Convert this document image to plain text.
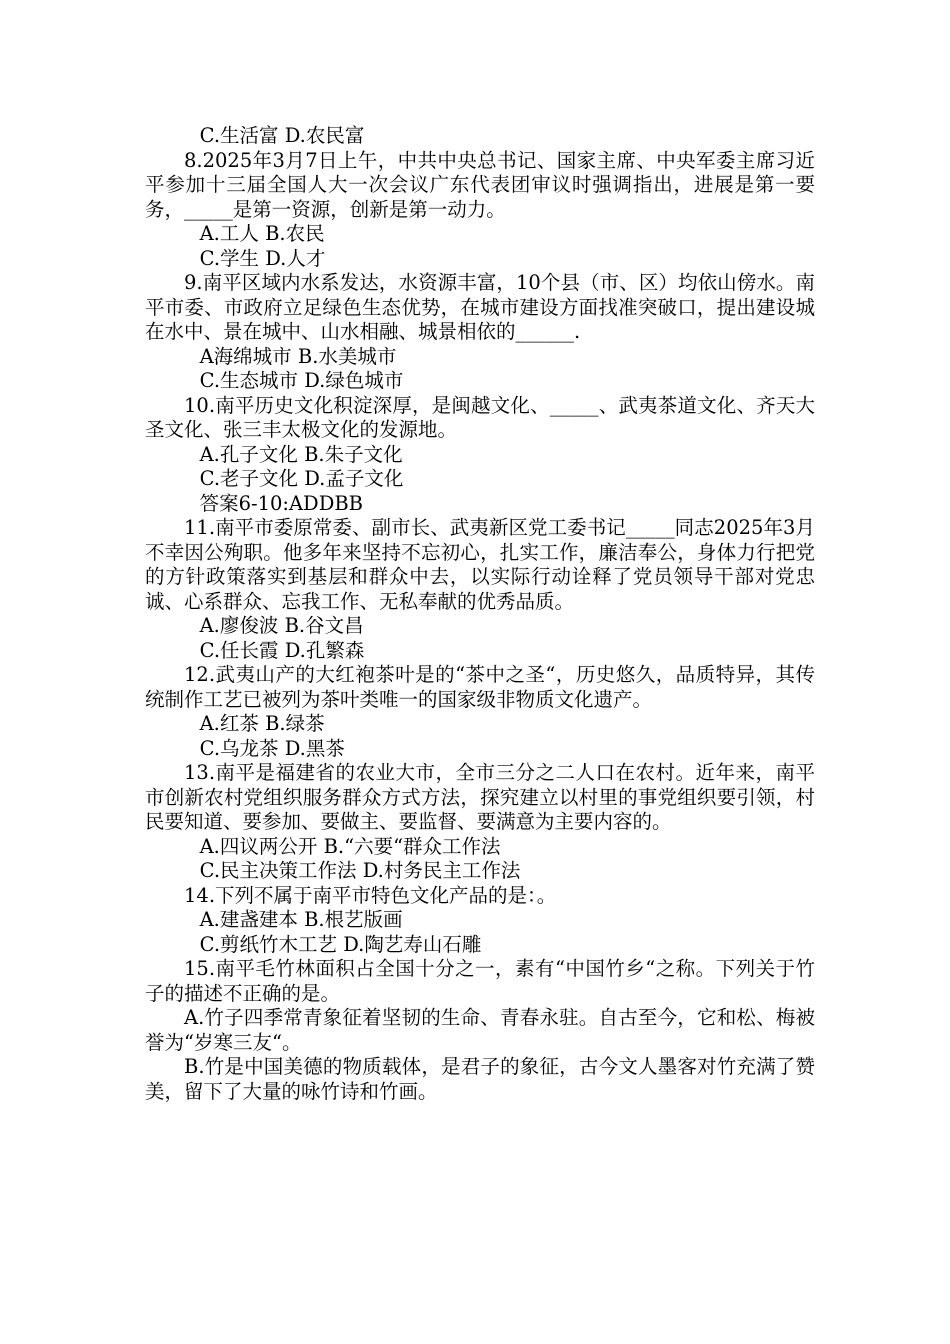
C.生活富 D.农民富

8.2025年3月7日上午，中共中央总书记、国家主席、中央军委主席习近平参加十三届全国人大一次会议广东代表团审议时强调指出，进展是第一要务，_____是第一资源，创新是第一动力。

A.工人 B.农民

C.学生 D.人才

9.南平区域内水系发达，水资源丰富，10个县（市、区）均依山傍水。南平市委、市政府立足绿色生态优势，在城市建设方面找准突破口，提出建设城在水中、景在城中、山水相融、城景相依的______.

A海绵城市 B.水美城市

C.生态城市 D.绿色城市

10.南平历史文化积淀深厚，是闽越文化、_____、武夷茶道文化、齐天大圣文化、张三丰太极文化的发源地。

A.孔子文化 B.朱子文化

C.老子文化 D.孟子文化

答案6-10:ADDBB

11.南平市委原常委、副市长、武夷新区党工委书记_____同志2025年3月不幸因公殉职。他多年来坚持不忘初心，扎实工作，廉洁奉公，身体力行把党的方针政策落实到基层和群众中去，以实际行动诠释了党员领导干部对党忠诚、心系群众、忘我工作、无私奉献的优秀品质。

A.廖俊波 B.谷文昌

C.任长霞 D.孔繁森

12.武夷山产的大红袍茶叶是的“茶中之圣“，历史悠久，品质特异，其传统制作工艺已被列为茶叶类唯一的国家级非物质文化遗产。

A.红茶 B.绿茶

C.乌龙茶 D.黑茶

13.南平是福建省的农业大市，全市三分之二人口在农村。近年来，南平市创新农村党组织服务群众方式方法，探究建立以村里的事党组织要引领，村民要知道、要参加、要做主、要监督、要满意为主要内容的。

A.四议两公开 B.“六要“群众工作法

C.民主决策工作法 D.村务民主工作法

14.下列不属于南平市特色文化产品的是：。

A.建盏建本 B.根艺版画

C.剪纸竹木工艺 D.陶艺寿山石雕

15.南平毛竹林面积占全国十分之一，素有“中国竹乡“之称。下列关于竹子的描述不正确的是。

A.竹子四季常青象征着坚韧的生命、青春永驻。自古至今，它和松、梅被誉为“岁寒三友“。

B.竹是中国美德的物质载体，是君子的象征，古今文人墨客对竹充满了赞美，留下了大量的咏竹诗和竹画。
